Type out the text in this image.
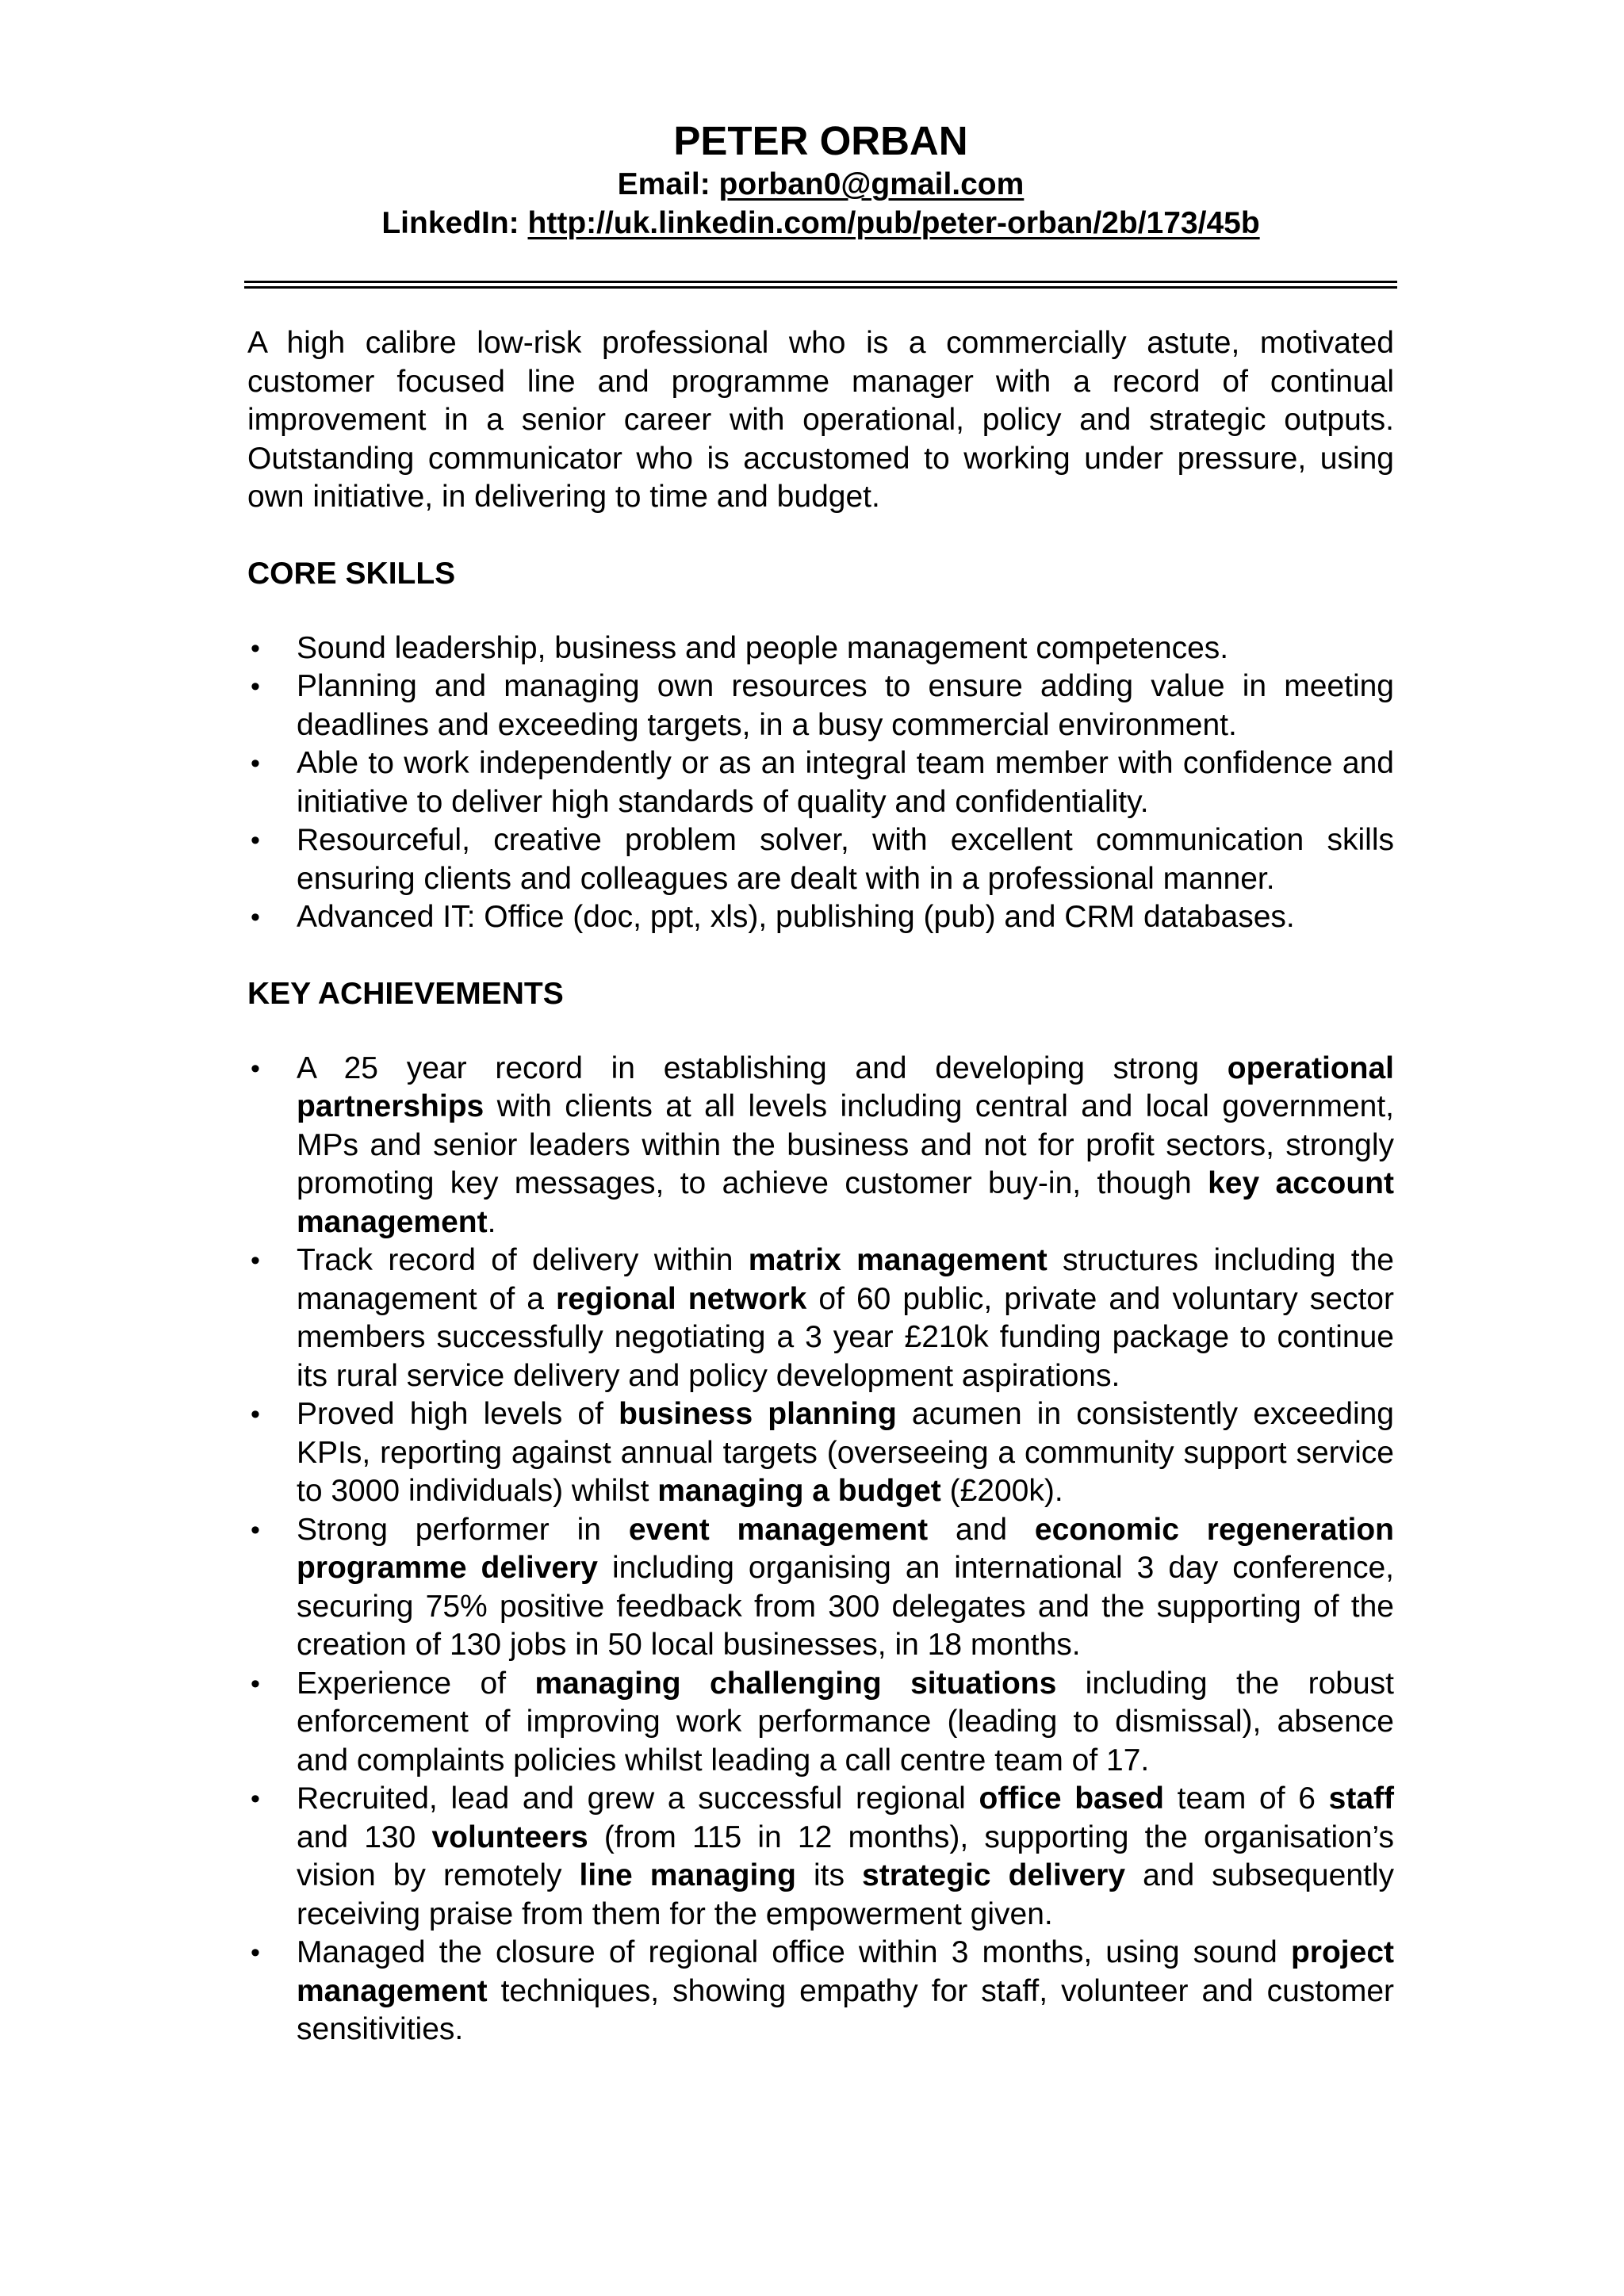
PETER ORBAN

Email: porban0@gmail.com

LinkedIn: http://uk.linkedin.com/pub/peter-orban/2b/173/45b

A high calibre low-risk professional who is a commercially astute, motivated customer focused line and programme manager with a record of continual improvement in a senior career with operational, policy and strategic outputs. Outstanding communicator who is accustomed to working under pressure, using own initiative, in delivering to time and budget.

CORE SKILLS
• Sound leadership, business and people management competences.
• Planning and managing own resources to ensure adding value in meeting deadlines and exceeding targets, in a busy commercial environment.
• Able to work independently or as an integral team member with confidence and initiative to deliver high standards of quality and confidentiality.
• Resourceful, creative problem solver, with excellent communication skills ensuring clients and colleagues are dealt with in a professional manner.
• Advanced IT: Office (doc, ppt, xls), publishing (pub) and CRM databases.
KEY ACHIEVEMENTS
• A 25 year record in establishing and developing strong operational partnerships with clients at all levels including central and local government, MPs and senior leaders within the business and not for profit sectors, strongly promoting key messages, to achieve customer buy-in, though key account management.
• Track record of delivery within matrix management structures including the management of a regional network of 60 public, private and voluntary sector members successfully negotiating a 3 year £210k funding package to continue its rural service delivery and policy development aspirations.
• Proved high levels of business planning acumen in consistently exceeding KPIs, reporting against annual targets (overseeing a community support service to 3000 individuals) whilst managing a budget (£200k).
• Strong performer in event management and economic regeneration programme delivery including organising an international 3 day conference, securing 75% positive feedback from 300 delegates and the supporting of the creation of 130 jobs in 50 local businesses, in 18 months.
• Experience of managing challenging situations including the robust enforcement of improving work performance (leading to dismissal), absence and complaints policies whilst leading a call centre team of 17.
• Recruited, lead and grew a successful regional office based team of 6 staff and 130 volunteers (from 115 in 12 months), supporting the organisation’s vision by remotely line managing its strategic delivery and subsequently receiving praise from them for the empowerment given.
• Managed the closure of regional office within 3 months, using sound project management techniques, showing empathy for staff, volunteer and customer sensitivities.
